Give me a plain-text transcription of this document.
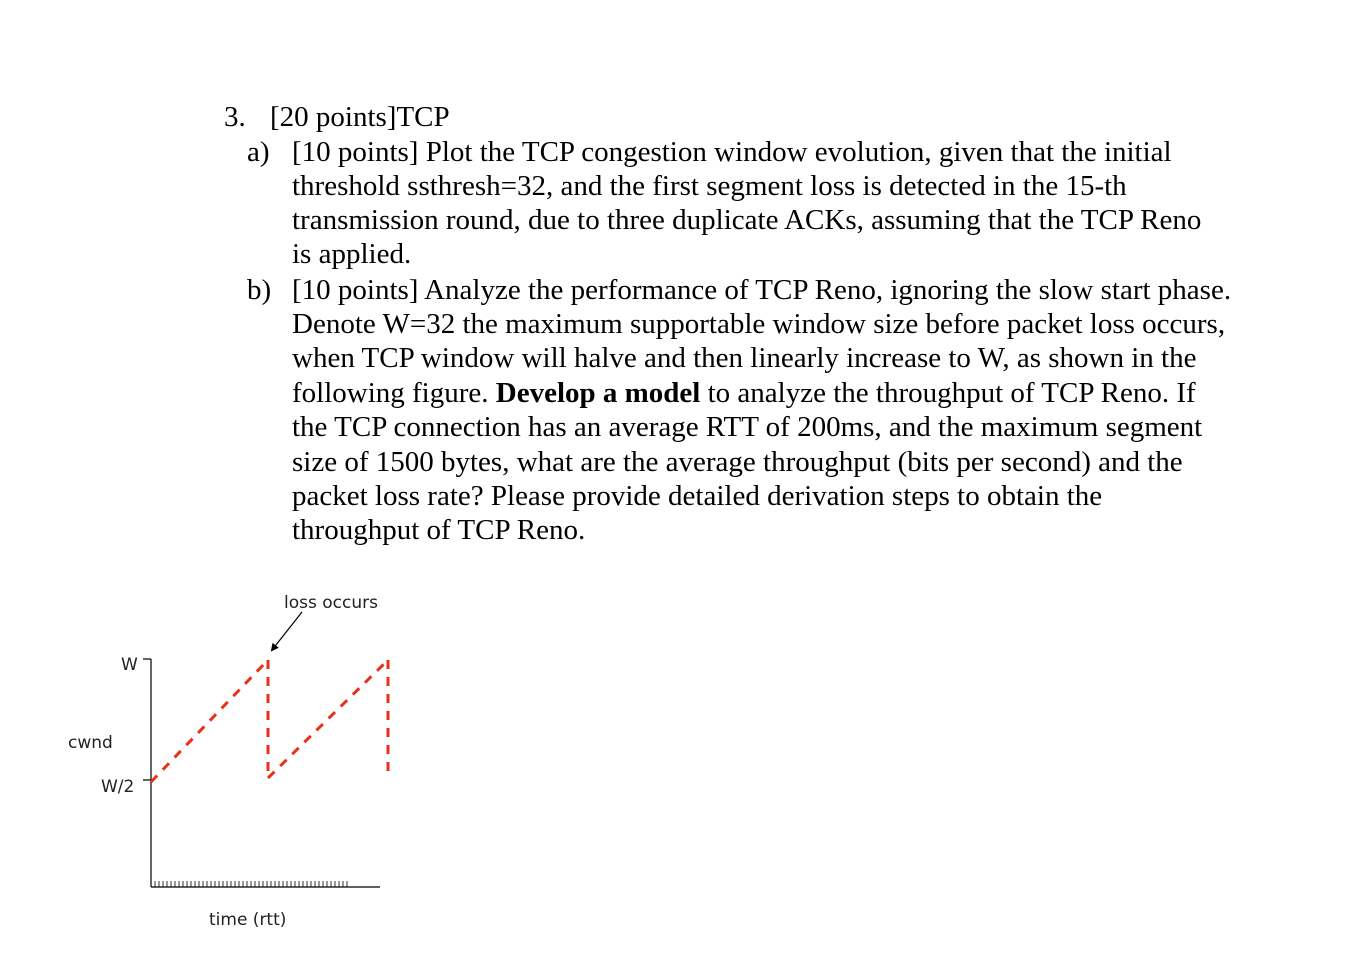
3. [20 points]TCP
a) [10 points] Plot the TCP congestion window evolution, given that the initial
threshold ssthresh=32, and the first segment loss is detected in the 15-th
transmission round, due to three duplicate ACKs, assuming that the TCP Reno
is applied.
b) [10 points] Analyze the performance of TCP Reno, ignoring the slow start phase.
Denote W=32 the maximum supportable window size before packet loss occurs,
when TCP window will halve and then linearly increase to W, as shown in the
following figure. Develop a model to analyze the throughput of TCP Reno. If
the TCP connection has an average RTT of 200ms, and the maximum segment
size of 1500 bytes, what are the average throughput (bits per second) and the
packet loss rate? Please provide detailed derivation steps to obtain the
throughput of TCP Reno.
loss occurs
W
cwnd
W/2
time (rtt)
